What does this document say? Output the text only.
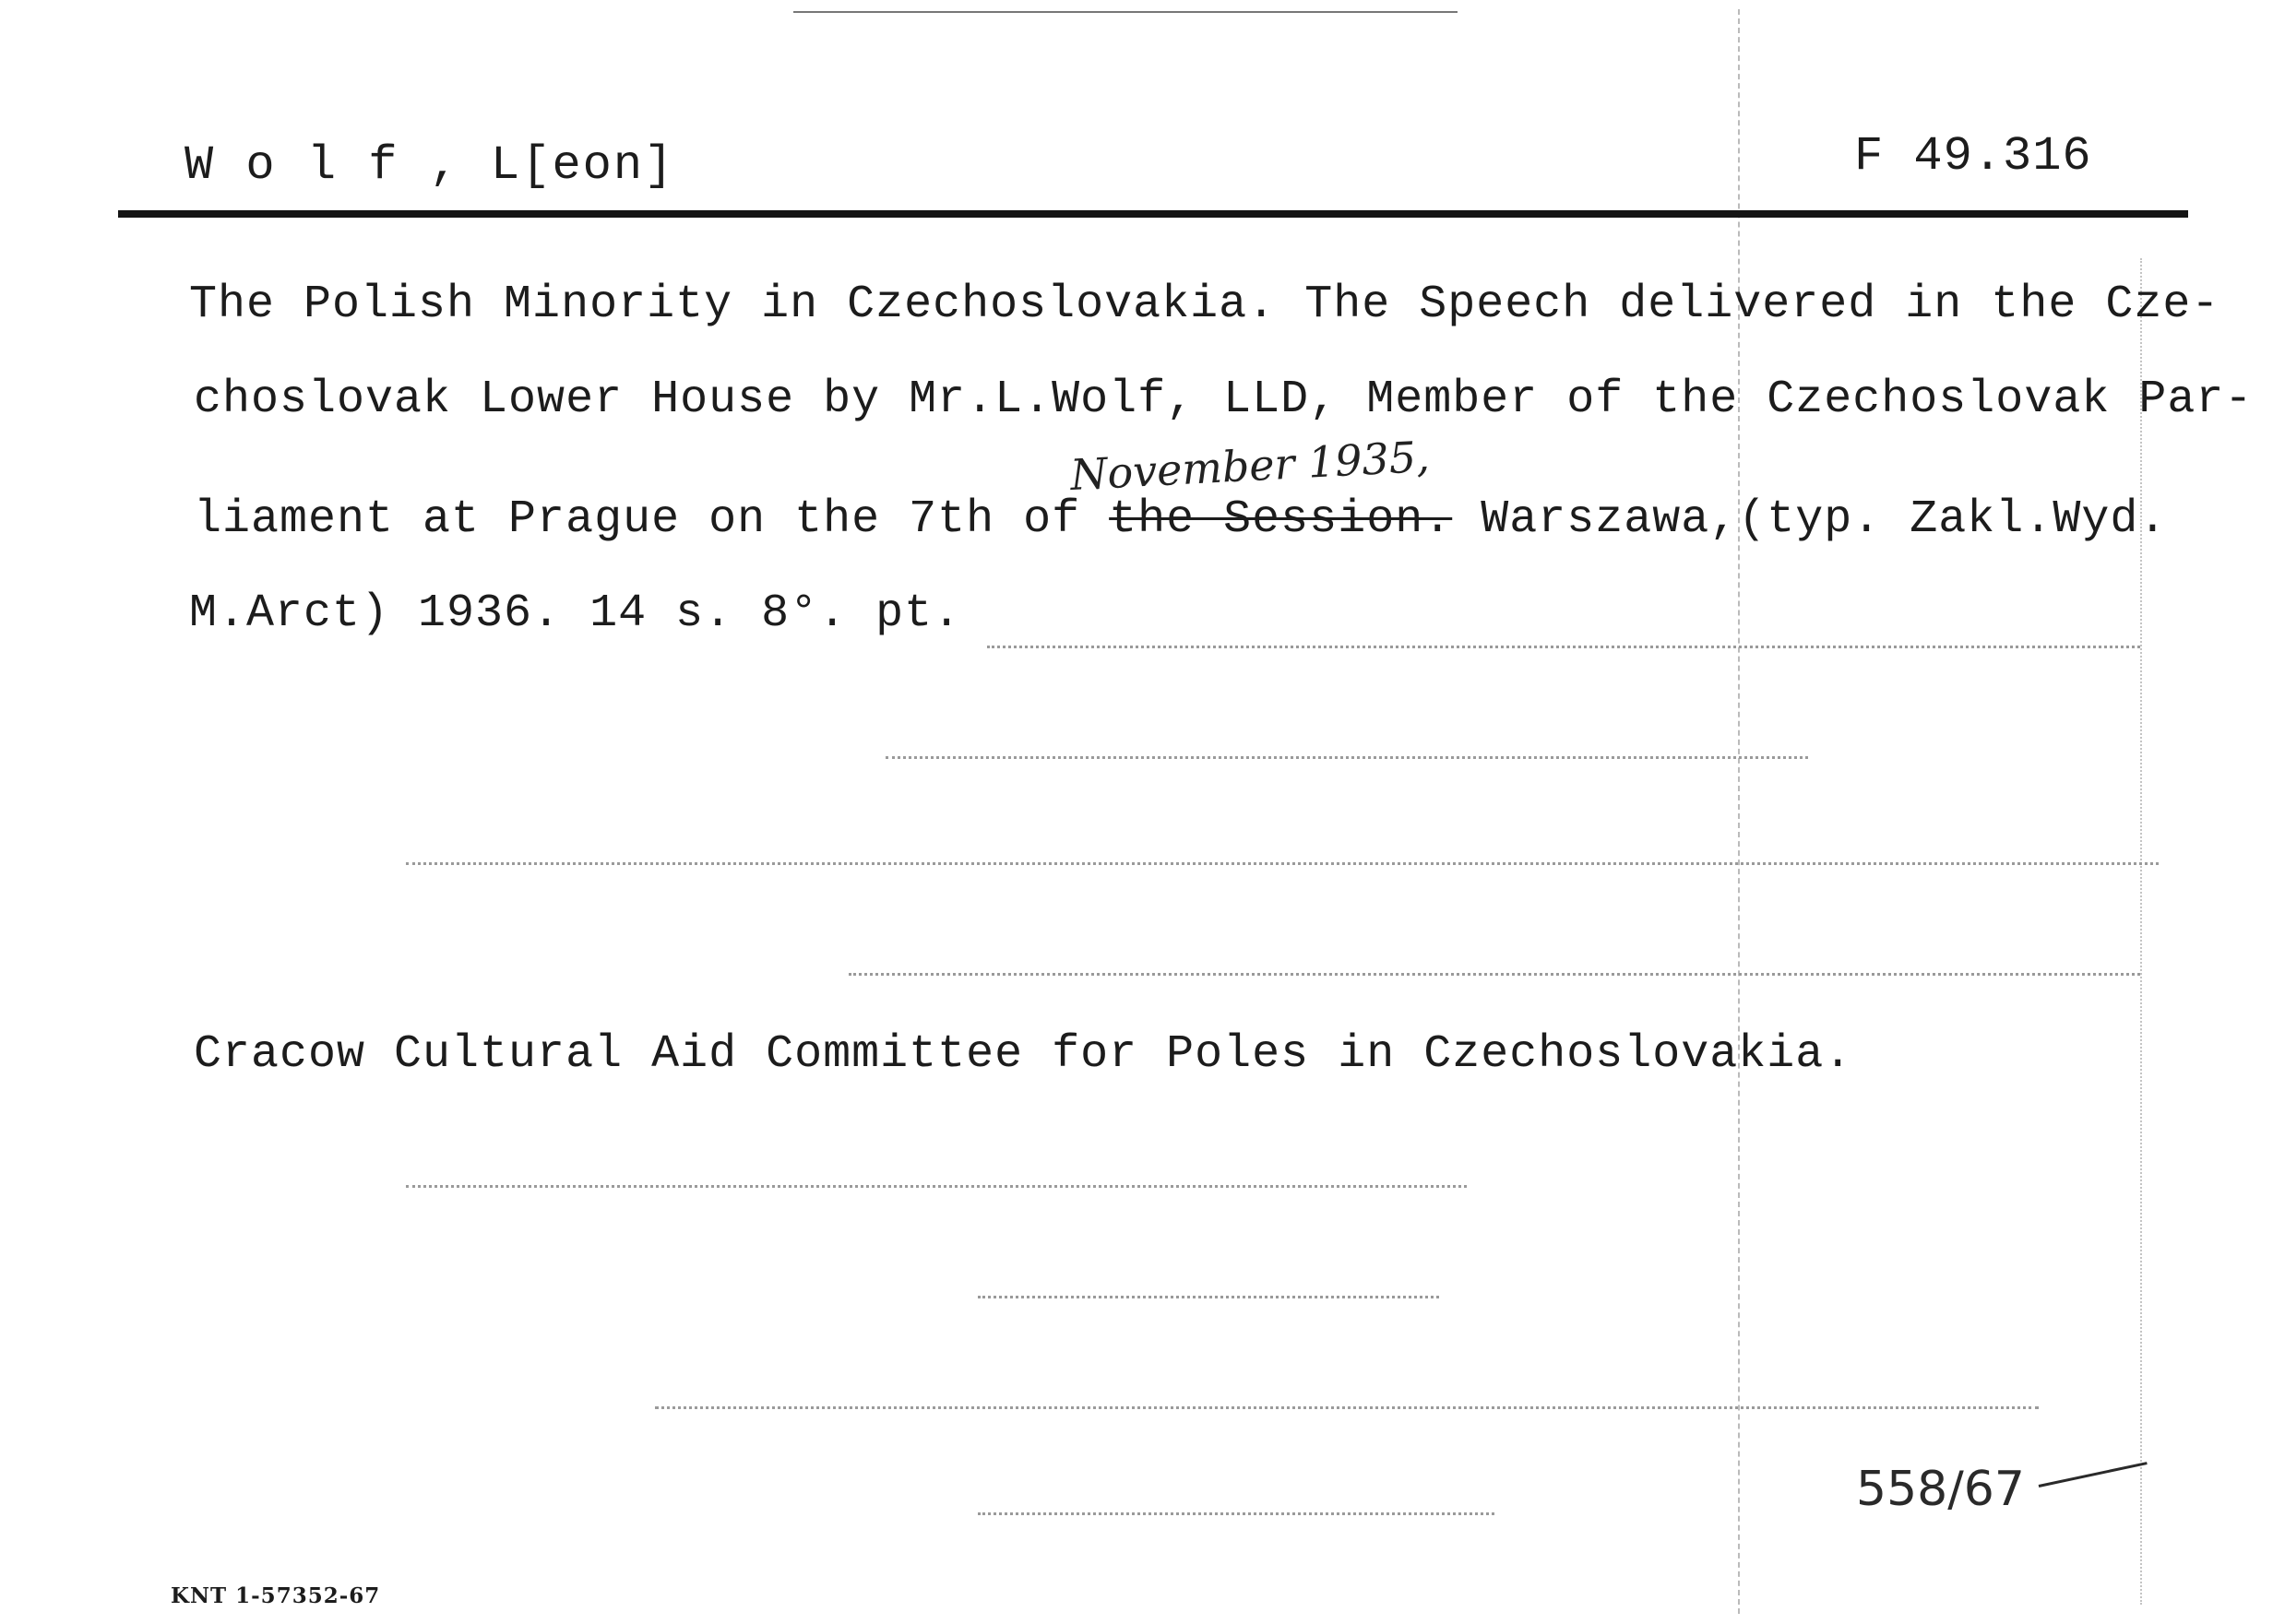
W o l f , L[eon]	F 49.316
The Polish Minority in Czechoslovakia. The Speech delivered in the Cze-
choslovak Lower House by Mr.L.Wolf, LLD, Member of the Czechoslovak Par-
November 1935,
liament at Prague on the 7th of the Session. Warszawa,(typ. Zakl.Wyd.
M.Arct) 1936. 14 s. 8°. pt.
Cracow Cultural Aid Committee for Poles in Czechoslovakia.
558/67
KNT 1-57352-67
